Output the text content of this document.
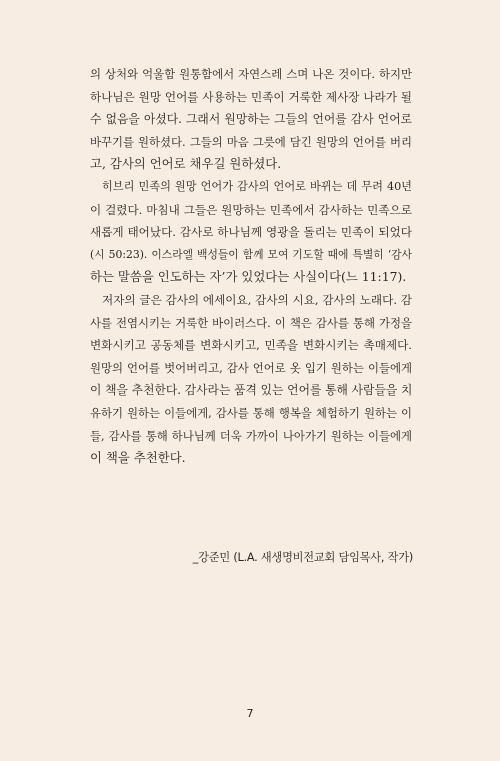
의 상처와 억울함 원통함에서 자연스레 스며 나온 것이다. 하지만
하나님은 원망 언어를 사용하는 민족이 거룩한 제사장 나라가 될
수 없음을 아셨다. 그래서 원망하는 그들의 언어를 감사 언어로
바꾸기를 원하셨다. 그들의 마음 그릇에 담긴 원망의 언어를 버리
고, 감사의 언어로 채우길 원하셨다.
히브리 민족의 원망 언어가 감사의 언어로 바뀌는 데 무려 40년
이 걸렸다. 마침내 그들은 원망하는 민족에서 감사하는 민족으로
새롭게 태어났다. 감사로 하나님께 영광을 돌리는 민족이 되었다
(시 50:23). 이스라엘 백성들이 함께 모여 기도할 때에 특별히 ‘감사
하는 말씀을 인도하는 자’가 있었다는 사실이다(느 11:17).
저자의 글은 감사의 에세이요, 감사의 시요, 감사의 노래다. 감
사를 전염시키는 거룩한 바이러스다. 이 책은 감사를 통해 가정을
변화시키고 공동체를 변화시키고, 민족을 변화시키는 촉매제다.
원망의 언어를 벗어버리고, 감사 언어로 옷 입기 원하는 이들에게
이 책을 추천한다. 감사라는 품격 있는 언어를 통해 사람들을 치
유하기 원하는 이들에게, 감사를 통해 행복을 체험하기 원하는 이
들, 감사를 통해 하나님께 더욱 가까이 나아가기 원하는 이들에게
이 책을 추천한다.
_강준민 (L.A. 새생명비전교회 담임목사, 작가)
7
